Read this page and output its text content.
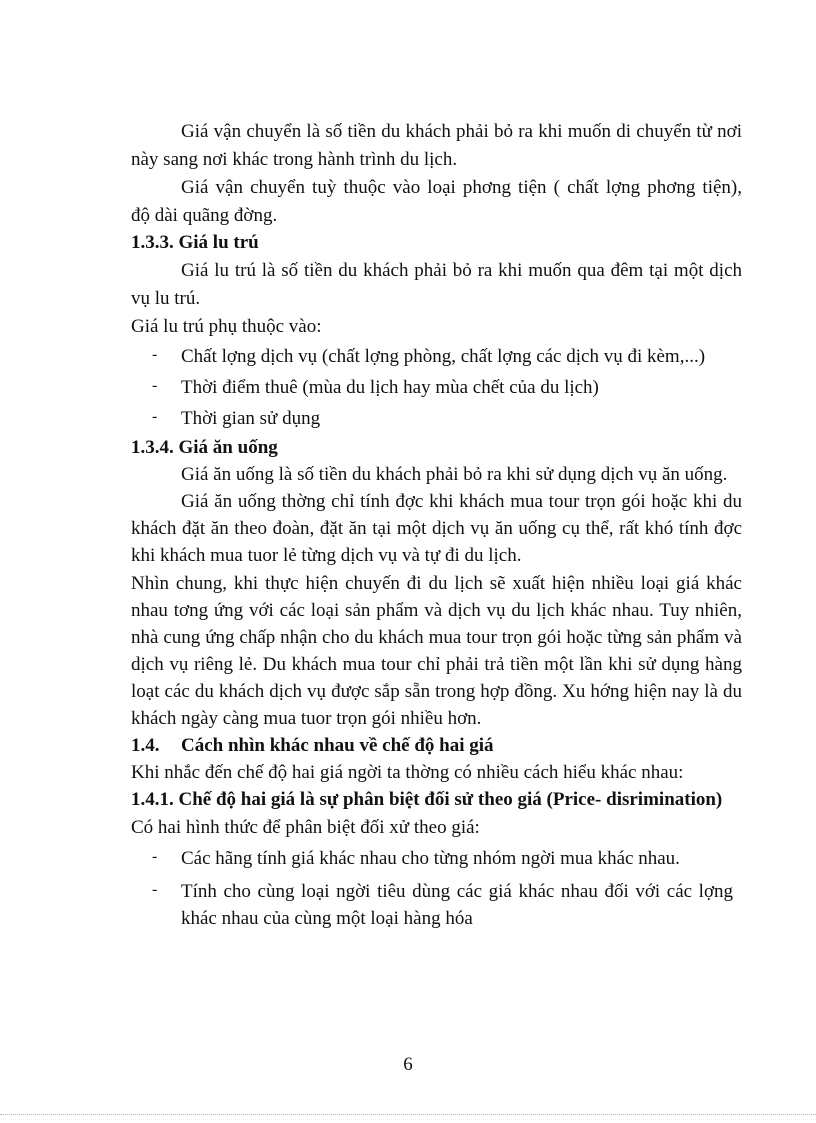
Giá vận chuyển là số tiền du khách phải bỏ ra khi muốn di chuyển từ nơi
này sang nơi khác trong hành trình du lịch.
Giá vận chuyển tuỳ thuộc vào loại phơng tiện ( chất lợng phơng tiện),
độ dài quãng đờng.
1.3.3. Giá lu trú
Giá lu trú là số tiền du khách phải bỏ ra khi muốn qua đêm tại một dịch
vụ lu trú.
Giá lu trú phụ thuộc vào:
- Chất lợng dịch vụ (chất lợng phòng, chất lợng các dịch vụ đi kèm,...)
- Thời điểm thuê (mùa du lịch hay mùa chết của du lịch)
- Thời gian sử dụng
1.3.4. Giá ăn uống
Giá ăn uống là số tiền du khách phải bỏ ra khi sử dụng dịch vụ ăn uống.
Giá ăn uống thờng chỉ tính đợc khi khách mua tour trọn gói hoặc khi du
khách đặt ăn theo đoàn, đặt ăn tại một dịch vụ ăn uống cụ thể, rất khó tính đợc
khi khách mua tuor lẻ từng dịch vụ và tự đi du lịch.
Nhìn chung, khi thực hiện chuyến đi du lịch sẽ xuất hiện nhiều loại giá khác
nhau tơng ứng với các loại sản phẩm và dịch vụ du lịch khác nhau. Tuy nhiên,
nhà cung ứng chấp nhận cho du khách mua tour trọn gói hoặc từng sản phẩm và
dịch vụ riêng lẻ. Du khách mua tour chỉ phải trả tiền một lần khi sử dụng hàng
loạt các du khách dịch vụ được sắp sẵn trong hợp đồng. Xu hớng hiện nay là du
khách ngày càng mua tuor trọn gói nhiều hơn.
1.4. Cách nhìn khác nhau về chế độ hai giá
Khi nhắc đến chế độ hai giá ngời ta thờng có nhiều cách hiểu khác nhau:
1.4.1. Chế độ hai giá là sự phân biệt đối sử theo giá (Price- disrimination)
Có hai hình thức để phân biệt đối xử theo giá:
- Các hãng tính giá khác nhau cho từng nhóm ngời mua khác nhau.
- Tính cho cùng loại ngời tiêu dùng các giá khác nhau đối với các lợng
khác nhau của cùng một loại hàng hóa
6
